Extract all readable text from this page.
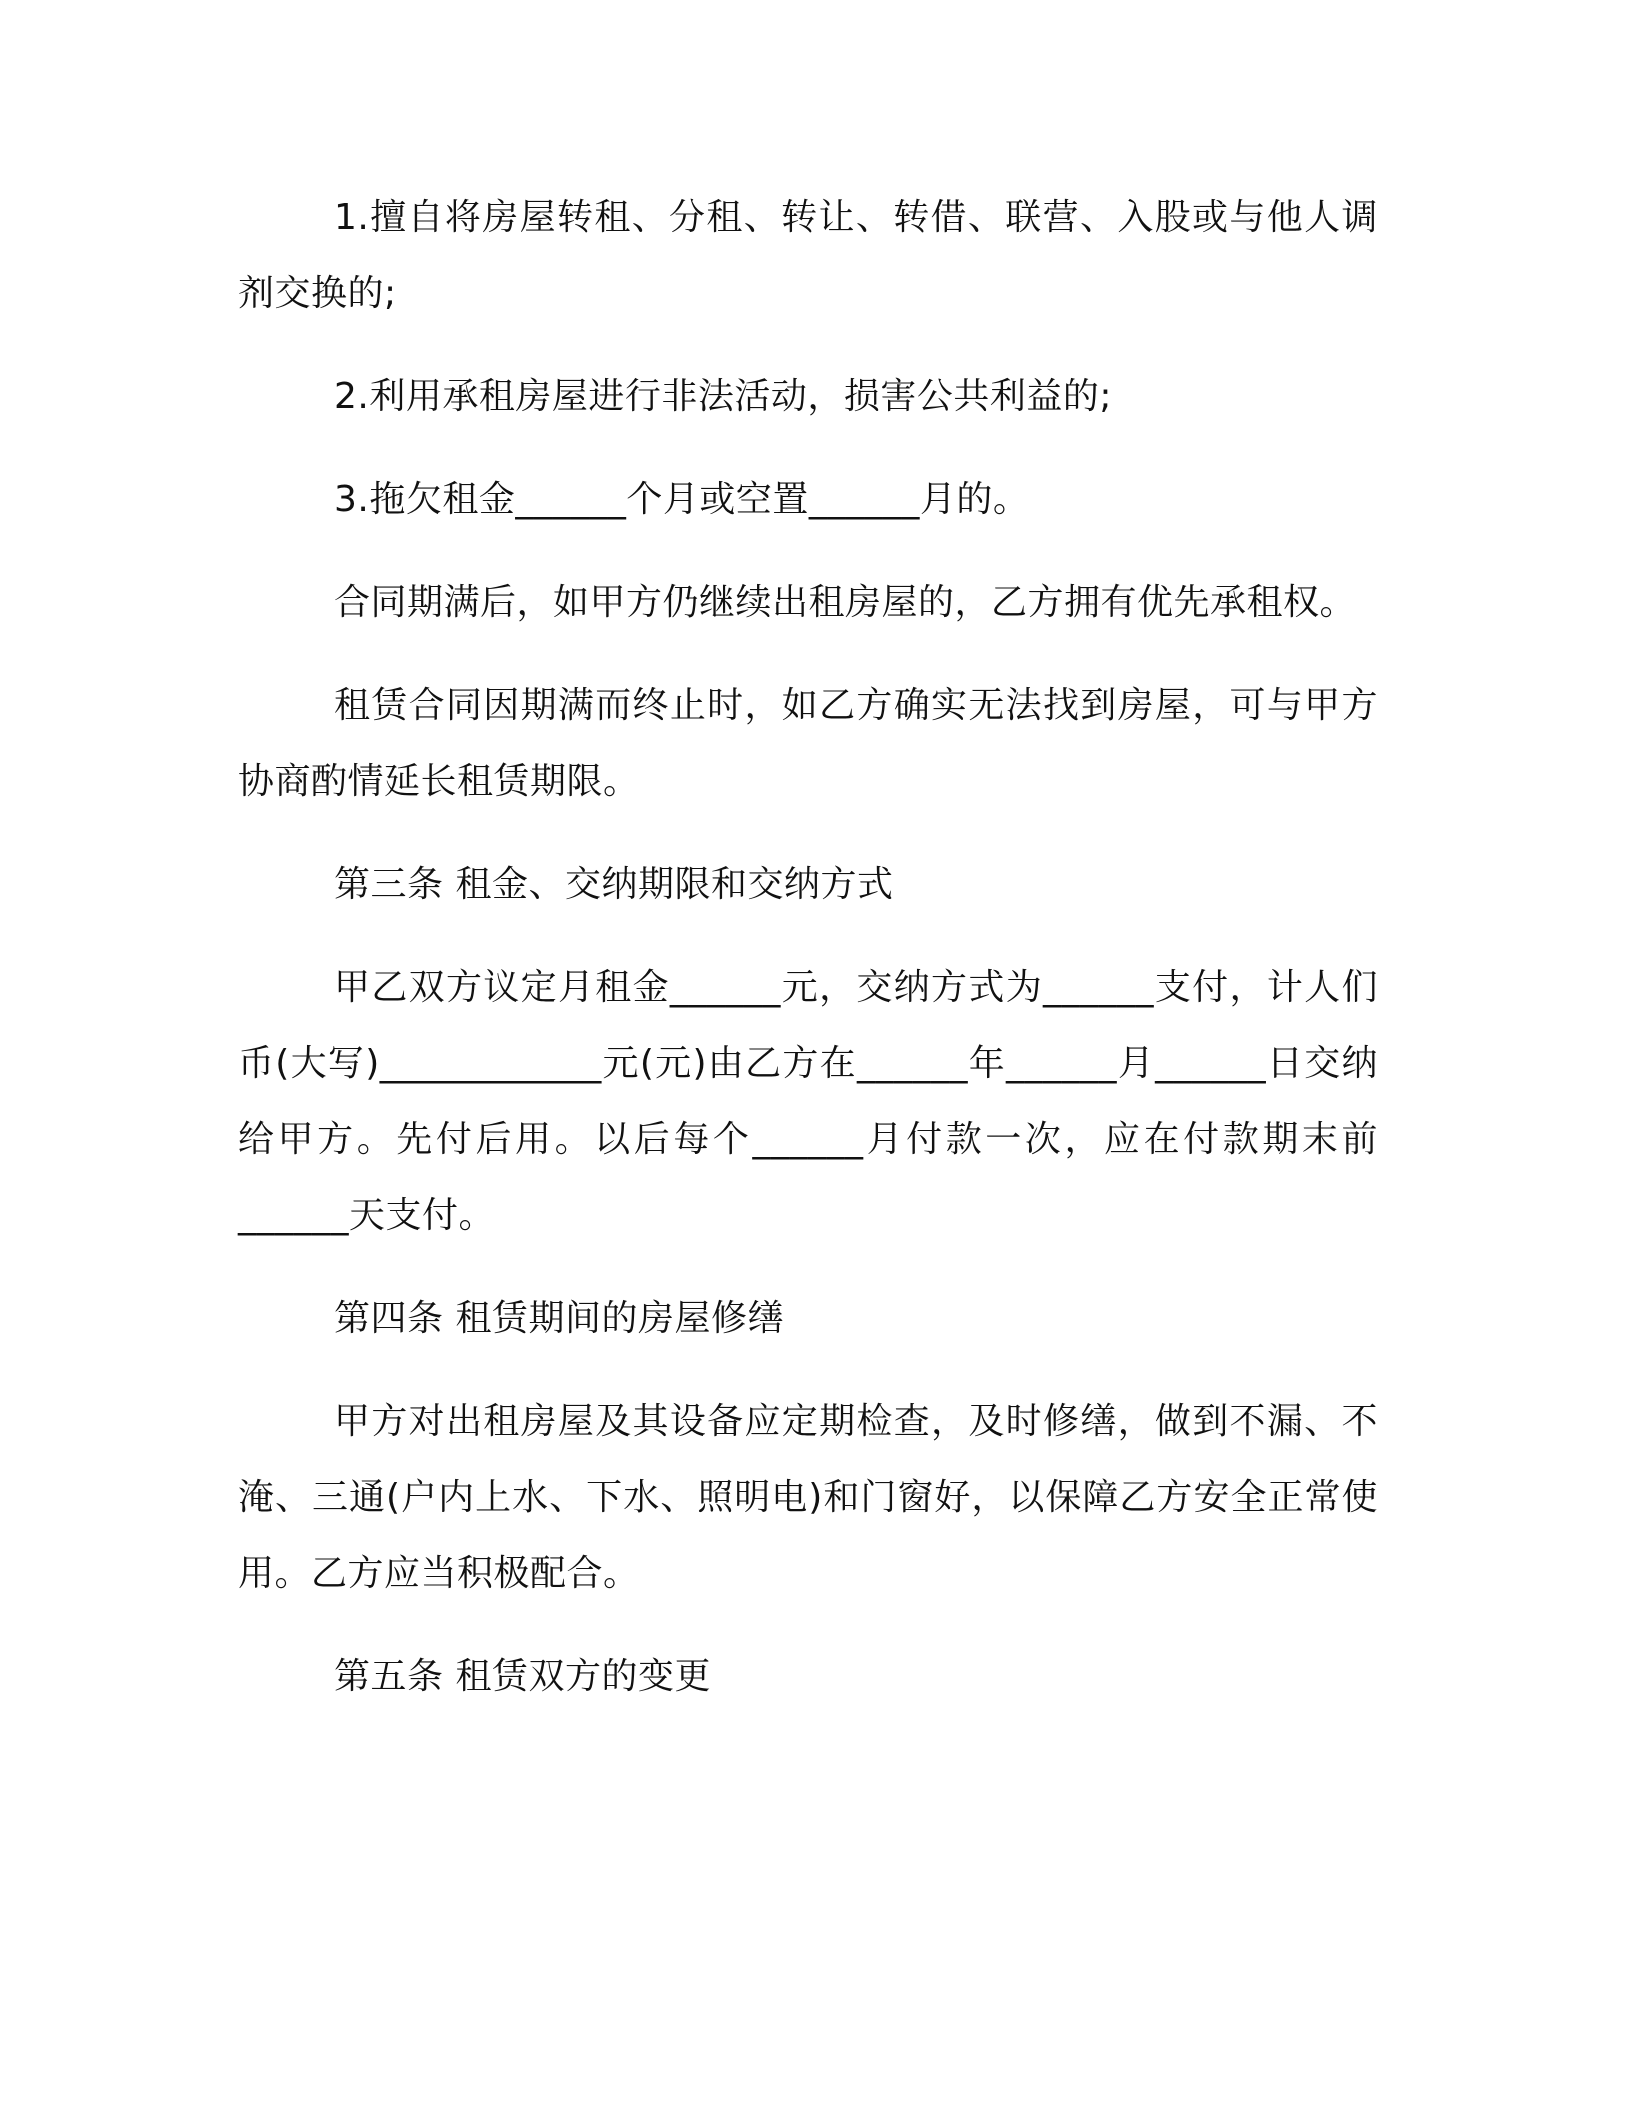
1.擅自将房屋转租、分租、转让、转借、联营、入股或与他人调剂交换的;

2.利用承租房屋进行非法活动，损害公共利益的;

3.拖欠租金______个月或空置______月的。

合同期满后，如甲方仍继续出租房屋的，乙方拥有优先承租权。

租赁合同因期满而终止时，如乙方确实无法找到房屋，可与甲方协商酌情延长租赁期限。

第三条 租金、交纳期限和交纳方式

甲乙双方议定月租金______元，交纳方式为______支付，计人们币(大写)____________元(元)由乙方在______年______月______日交纳给甲方。先付后用。以后每个______月付款一次，应在付款期末前______天支付。

第四条 租赁期间的房屋修缮

甲方对出租房屋及其设备应定期检查，及时修缮，做到不漏、不淹、三通(户内上水、下水、照明电)和门窗好，以保障乙方安全正常使用。乙方应当积极配合。

第五条 租赁双方的变更
